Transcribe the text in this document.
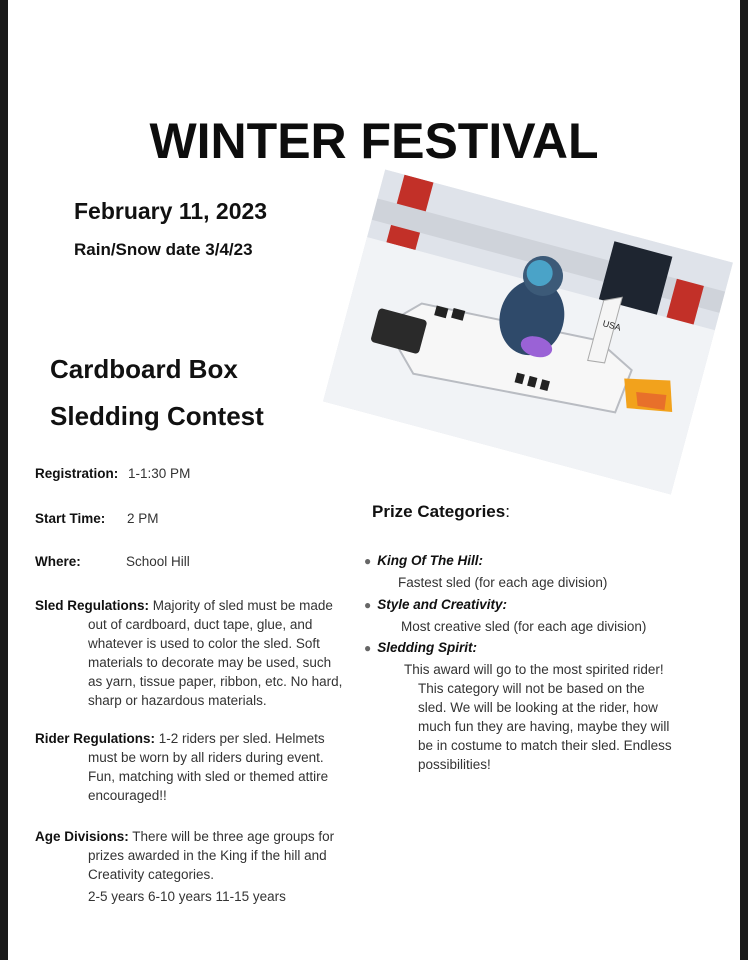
WINTER FESTIVAL
February 11, 2023
Rain/Snow date 3/4/23
Cardboard Box
Sledding Contest
USA
Registration: 1-1:30 PM
Start Time: 2 PM
Where:	School Hill
Sled Regulations: Majority of sled must be made
out of cardboard, duct tape, glue, and
whatever is used to color the sled. Soft
materials to decorate may be used, such
as yarn, tissue paper, ribbon, etc. No hard,
sharp or hazardous materials.
Rider Regulations: 1-2 riders per sled. Helmets
must be worn by all riders during event.
Fun, matching with sled or themed attire
encouraged!!
Age Divisions: There will be three age groups for
prizes awarded in the King if the hill and
Creativity categories.
2-5 years 6-10 years 11-15 years
Prize Categories:
● King Of The Hill:
Fastest sled (for each age division)
● Style and Creativity:
Most creative sled (for each age division)
● Sledding Spirit:
This award will go to the most spirited rider!
This category will not be based on the
sled. We will be looking at the rider, how
much fun they are having, maybe they will
be in costume to match their sled. Endless
possibilities!
